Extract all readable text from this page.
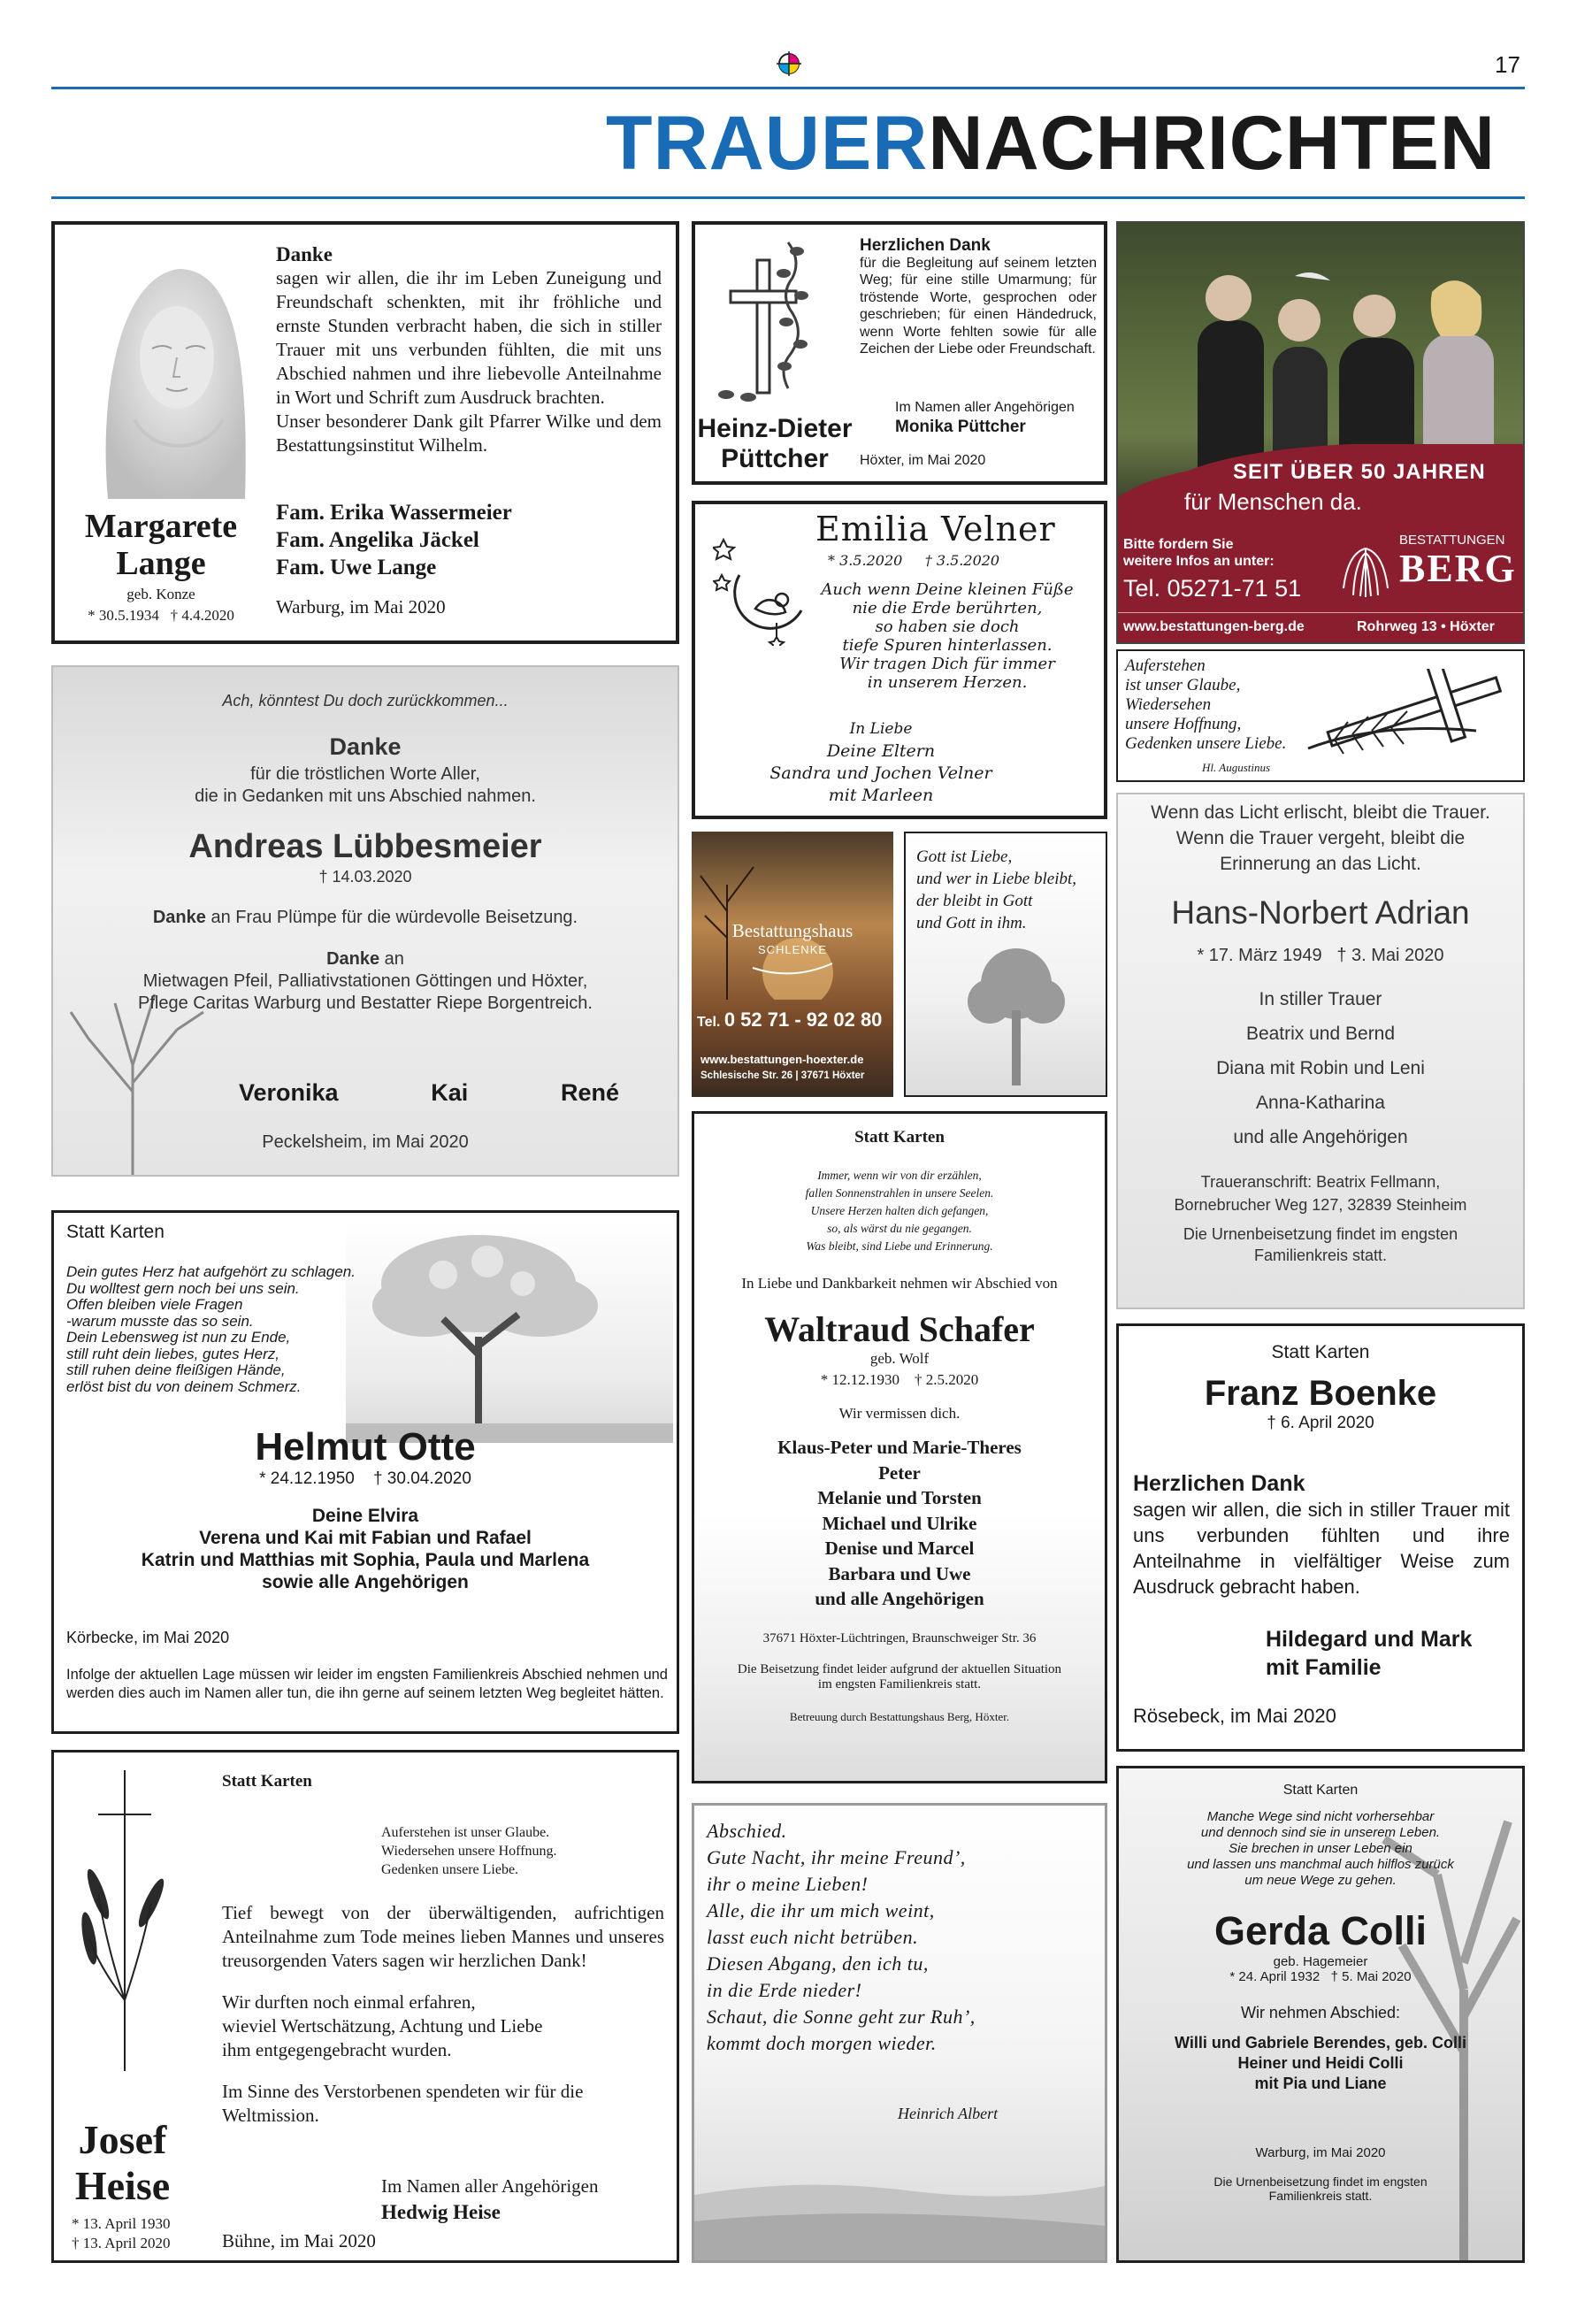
17
TRAUERNACHRICHTEN

Danke

sagen wir allen, die ihr im Leben Zuneigung und Freundschaft schenkten, mit ihr fröhliche und ernste Stunden verbracht haben, die sich in stiller Trauer mit uns verbunden fühlten, die mit uns Abschied nahmen und ihre liebevolle Anteilnahme in Wort und Schrift zum Ausdruck brachten.

Unser besonderer Dank gilt Pfarrer Wilke und dem Bestattungsinstitut Wilhelm.

Fam. Erika Wassermeier

Fam. Angelika Jäckel

Fam. Uwe Lange

Warburg, im Mai 2020

Margarete

Lange

geb. Konze

* 30.5.1934   † 4.4.2020

Heinz-Dieter

Püttcher

Herzlichen Dank

für die Begleitung auf seinem letzten Weg; für eine stille Umarmung; für tröstende Worte, gesprochen oder geschrieben; für einen Händedruck, wenn Worte fehlten sowie für alle Zeichen der Liebe oder Freundschaft.

Im Namen aller Angehörigen

Monika Püttcher

Höxter, im Mai 2020	SEIT ÜBER 50 JAHREN
für Menschen da.

Bitte fordern Sie

weitere Infos an unter:

Tel. 05271-71 51
BESTATTUNGEN
BERG
www.bestattungen-berg.de	Rohrweg 13 • Höxter
Emilia Velner
* 3.5.2020     † 3.5.2020

Auch wenn Deine kleinen Füße

nie die Erde berührten,

so haben sie doch

tiefe Spuren hinterlassen.

Wir tragen Dich für immer

in unserem Herzen.

In Liebe

Deine Eltern

Sandra und Jochen Velner

mit Marleen

Auferstehen

ist unser Glaube,

Wiedersehen

unsere Hoffnung,

Gedenken unsere Liebe.

Hl. Augustinus

Ach, könntest Du doch zurückkommen...

Danke

für die tröstlichen Worte Aller,

die in Gedanken mit uns Abschied nahmen.

Andreas Lübbesmeier

† 14.03.2020

Danke an Frau Plümpe für die würdevolle Beisetzung.

Danke an

Mietwagen Pfeil, Palliativstationen Göttingen und Höxter,

Pflege Caritas Warburg und Bestatter Riepe Borgentreich.

Veronika	Kai	René
Peckelsheim, im Mai 2020
Bestattungshaus
SCHLENKE
Tel. 0 52 71 - 92 02 80
www.bestattungen-hoexter.de
Schlesische Str. 26 | 37671 Höxter

Gott ist Liebe,

und wer in Liebe bleibt,

der bleibt in Gott

und Gott in ihm.

Wenn das Licht erlischt, bleibt die Trauer.

Wenn die Trauer vergeht, bleibt die

Erinnerung an das Licht.

Hans-Norbert Adrian

* 17. März 1949   † 3. Mai 2020

In stiller Trauer

Beatrix und Bernd

Diana mit Robin und Leni

Anna-Katharina

und alle Angehörigen

Traueranschrift: Beatrix Fellmann,

Bornebrucher Weg 127, 32839 Steinheim

Die Urnenbeisetzung findet im engsten

Familienkreis statt.

Statt Karten

Dein gutes Herz hat aufgehört zu schlagen.

Du wolltest gern noch bei uns sein.

Offen bleiben viele Fragen

-warum musste das so sein.

Dein Lebensweg ist nun zu Ende,

still ruht dein liebes, gutes Herz,

still ruhen deine fleißigen Hände,

erlöst bist du von deinem Schmerz.

Helmut Otte

* 24.12.1950    † 30.04.2020

Deine Elvira

Verena und Kai mit Fabian und Rafael

Katrin und Matthias mit Sophia, Paula und Marlena

sowie alle Angehörigen

Körbecke, im Mai 2020
Infolge der aktuellen Lage müssen wir leider im engsten Familienkreis Abschied nehmen und werden dies auch im Namen aller tun, die ihn gerne auf seinem letzten Weg begleitet hätten.

Statt Karten

Immer, wenn wir von dir erzählen,

fallen Sonnenstrahlen in unsere Seelen.

Unsere Herzen halten dich gefangen,

so, als wärst du nie gegangen.

Was bleibt, sind Liebe und Erinnerung.

In Liebe und Dankbarkeit nehmen wir Abschied von

Waltraud Schafer

geb. Wolf

* 12.12.1930    † 2.5.2020

Wir vermissen dich.

Klaus-Peter und Marie-Theres

Peter

Melanie und Torsten

Michael und Ulrike

Denise und Marcel

Barbara und Uwe

und alle Angehörigen

37671 Höxter-Lüchtringen, Braunschweiger Str. 36

Die Beisetzung findet leider aufgrund der aktuellen Situation

im engsten Familienkreis statt.

Betreuung durch Bestattungshaus Berg, Höxter.

Statt Karten

Franz Boenke

† 6. April 2020

Herzlichen Dank

sagen wir allen, die sich in stiller Trauer mit uns verbunden fühlten und ihre Anteilnahme in vielfältiger Weise zum Ausdruck gebracht haben.

Hildegard und Mark

mit Familie

Rösebeck, im Mai 2020

Josef

Heise

* 13. April 1930

† 13. April 2020

Statt Karten

Auferstehen ist unser Glaube.

Wiedersehen unsere Hoffnung.

Gedenken unsere Liebe.

Tief bewegt von der überwältigenden, aufrichtigen Anteilnahme zum Tode meines lieben Mannes und unseres treusorgenden Vaters sagen wir herzlichen Dank!

Wir durften noch einmal erfahren,

wieviel Wertschätzung, Achtung und Liebe

ihm entgegengebracht wurden.

Im Sinne des Verstorbenen spendeten wir für die Weltmission.

Im Namen aller Angehörigen

Hedwig Heise

Bühne, im Mai 2020

Abschied.

Gute Nacht, ihr meine Freund’,

ihr o meine Lieben!

Alle, die ihr um mich weint,

lasst euch nicht betrüben.

Diesen Abgang, den ich tu,

in die Erde nieder!

Schaut, die Sonne geht zur Ruh’,

kommt doch morgen wieder.

Heinrich Albert

Statt Karten

Manche Wege sind nicht vorhersehbar

und dennoch sind sie in unserem Leben.

Sie brechen in unser Leben ein

und lassen uns manchmal auch hilflos zurück

um neue Wege zu gehen.

Gerda Colli

geb. Hagemeier

* 24. April 1932   † 5. Mai 2020

Wir nehmen Abschied:

Willi und Gabriele Berendes, geb. Colli

Heiner und Heidi Colli

mit Pia und Liane

Warburg, im Mai 2020

Die Urnenbeisetzung findet im engsten

Familienkreis statt.
